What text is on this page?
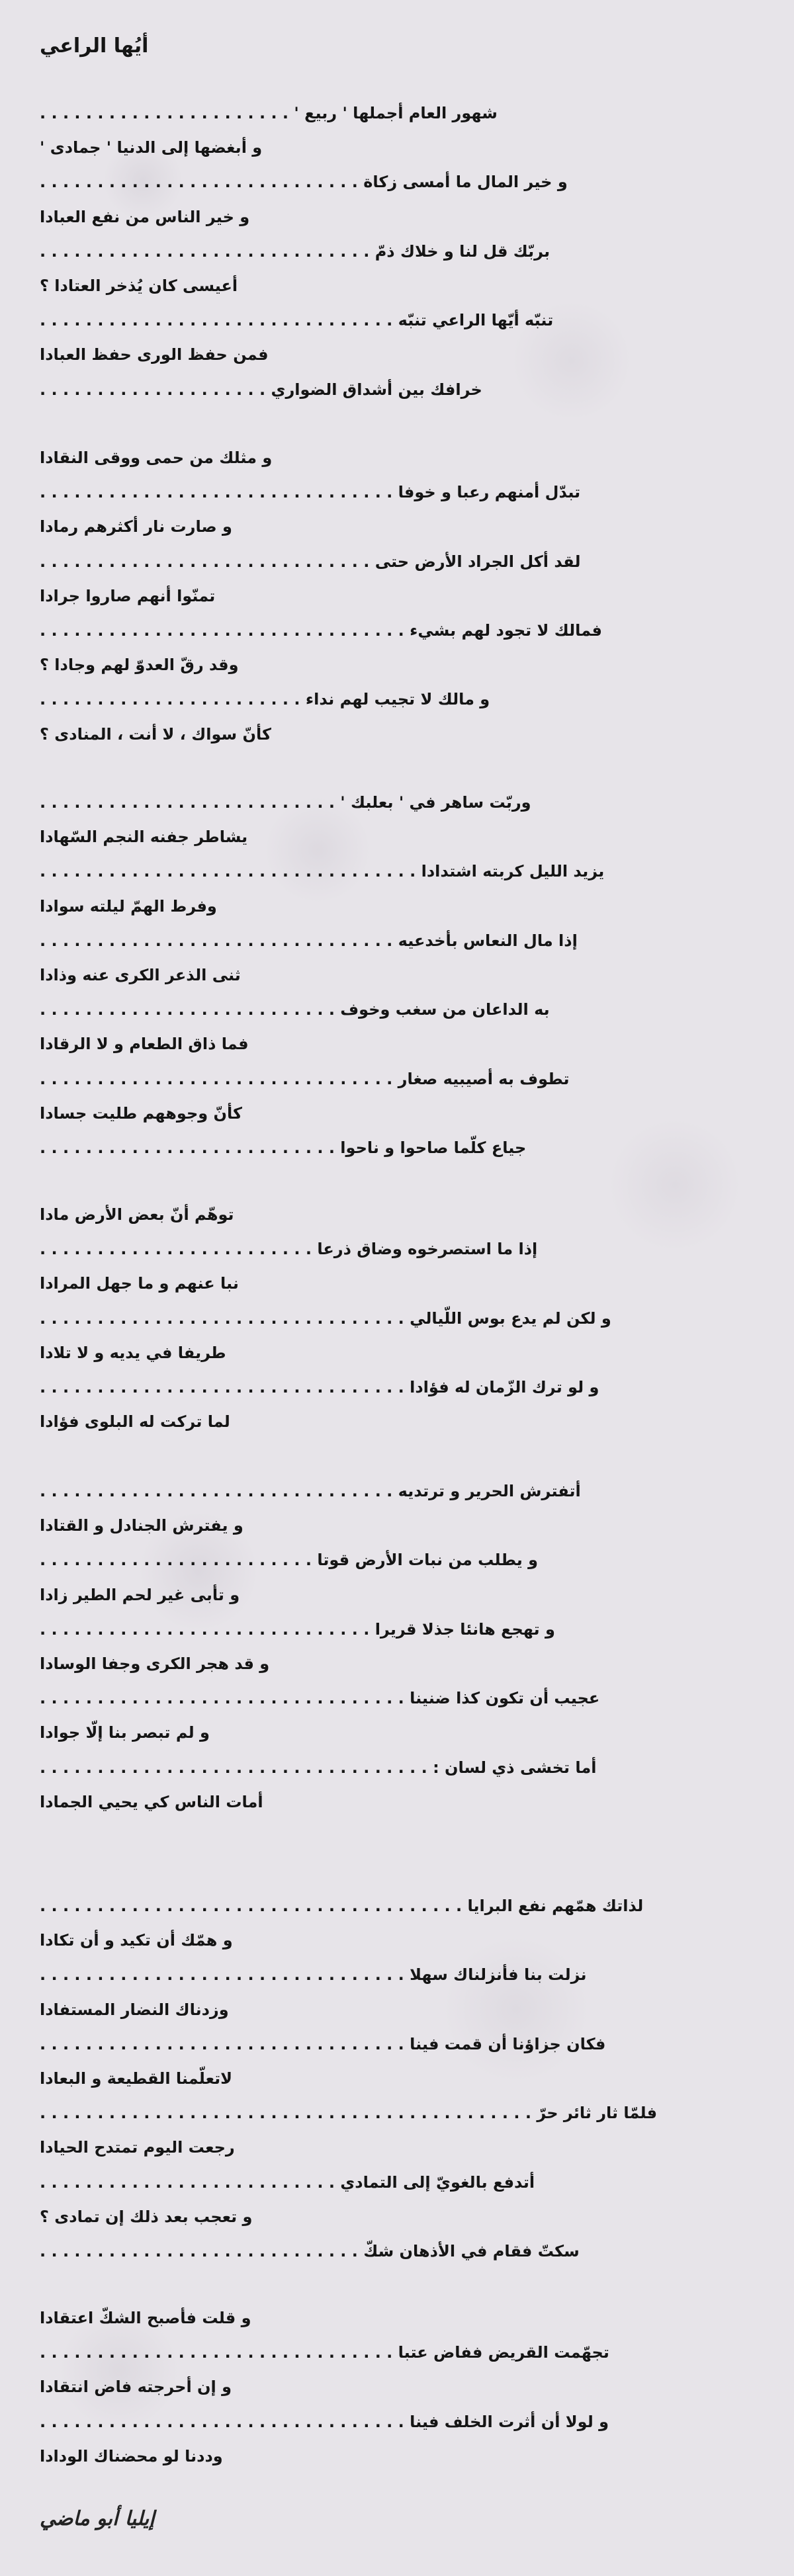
أيُها الراعي
شهور العام أجملها ' ربيع ' . . . . . . . . . . . . . . . . . . . . . .
و أبغضها إلى الدنيا ' جمادى '
و خير المال ما أمسى زكاة . . . . . . . . . . . . . . . . . . . . . . . . . . . .
و خير الناس من نفع العبادا
بربّك قل لنا و خلاك ذمّ . . . . . . . . . . . . . . . . . . . . . . . . . . . . .
أعيسى كان يُذخر العتادا ؟
تنبّه أيّها الراعي تنبّه . . . . . . . . . . . . . . . . . . . . . . . . . . . . . . .
فمن حفظ الورى حفظ العبادا
خرافك بين أشداق الضواري . . . . . . . . . . . . . . . . . . . .
و مثلك من حمى ووقى النقادا
تبدّل أمنهم رعبا و خوفا . . . . . . . . . . . . . . . . . . . . . . . . . . . . . . .
و صارت نار أكثرهم رمادا
لقد أكل الجراد الأرض حتى . . . . . . . . . . . . . . . . . . . . . . . . . . . . .
تمنّوا أنهم صاروا جرادا
فمالك لا تجود لهم بشيء . . . . . . . . . . . . . . . . . . . . . . . . . . . . . . . .
وقد رقّ العدوّ لهم وجادا ؟
و مالك لا تجيب لهم نداء . . . . . . . . . . . . . . . . . . . . . . .
كأنّ سواك ، لا أنت ، المنادى ؟
وربّت ساهر في ' بعلبك ' . . . . . . . . . . . . . . . . . . . . . . . . . .
يشاطر جفنه النجم السّهادا
يزيد الليل كربته اشتدادا . . . . . . . . . . . . . . . . . . . . . . . . . . . . . . . . .
وفرط الهمّ ليلته سوادا
إذا مال النعاس بأخدعيه . . . . . . . . . . . . . . . . . . . . . . . . . . . . . . .
ثنى الذعر الكرى عنه وذادا
به الداعان من سغب وخوف . . . . . . . . . . . . . . . . . . . . . . . . . .
فما ذاق الطعام و لا الرقادا
تطوف به أصيبيه صغار . . . . . . . . . . . . . . . . . . . . . . . . . . . . . . .
كأنّ وجوههم طليت جسادا
جياع كلّما صاحوا و ناحوا . . . . . . . . . . . . . . . . . . . . . . . . . .
توهّم أنّ بعض الأرض مادا
إذا ما استصرخوه وضاق ذرعا . . . . . . . . . . . . . . . . . . . . . . . .
نبا عنهم و ما جهل المرادا
و لكن لم يدع بوس اللّيالي . . . . . . . . . . . . . . . . . . . . . . . . . . . . . . . .
طريفا في يديه و لا تلادا
و لو ترك الزّمان له فؤادا . . . . . . . . . . . . . . . . . . . . . . . . . . . . . . . .
لما تركت له البلوى فؤادا
أتفترش الحرير و ترتديه . . . . . . . . . . . . . . . . . . . . . . . . . . . . . . .
و يفترش الجنادل و القتادا
و يطلب من نبات الأرض قوتا . . . . . . . . . . . . . . . . . . . . . . . .
و تأبى غير لحم الطير زادا
و تهجع هانئا جذلا قريرا . . . . . . . . . . . . . . . . . . . . . . . . . . . . .
و قد هجر الكرى وجفا الوسادا
عجيب أن تكون كذا ضنينا . . . . . . . . . . . . . . . . . . . . . . . . . . . . . . . .
و لم تبصر بنا إلّا جوادا
أما تخشى ذي لسان : . . . . . . . . . . . . . . . . . . . . . . . . . . . . . . . . . .
أمات الناس كي يحيي الجمادا
لذاتك همّهم نفع البرايا . . . . . . . . . . . . . . . . . . . . . . . . . . . . . . . . . . . . .
و همّك أن تكيد و أن تكادا
نزلت بنا فأنزلناك سهلا . . . . . . . . . . . . . . . . . . . . . . . . . . . . . . . .
وزدناك النضار المستفادا
فكان جزاؤنا أن قمت فينا . . . . . . . . . . . . . . . . . . . . . . . . . . . . . . . .
لاتعلّمنا القطيعة و البعادا
فلمّا ثار ثائر حرّ . . . . . . . . . . . . . . . . . . . . . . . . . . . . . . . . . . . . . . . . . . .
رجعت اليوم تمتدح الحيادا
أتدفع بالغويّ إلى التمادي . . . . . . . . . . . . . . . . . . . . . . . . . .
و تعجب بعد ذلك إن تمادى ؟
سكتّ فقام في الأذهان شكّ . . . . . . . . . . . . . . . . . . . . . . . . . . . .
و قلت فأصبح الشكّ اعتقادا
تجهّمت القريض ففاض عتبا . . . . . . . . . . . . . . . . . . . . . . . . . . . . . . .
و إن أحرجته فاض انتقادا
و لولا أن أثرت الخلف فينا . . . . . . . . . . . . . . . . . . . . . . . . . . . . . . . .
وددنا لو محضناك الودادا
إيليا أبو ماضي
